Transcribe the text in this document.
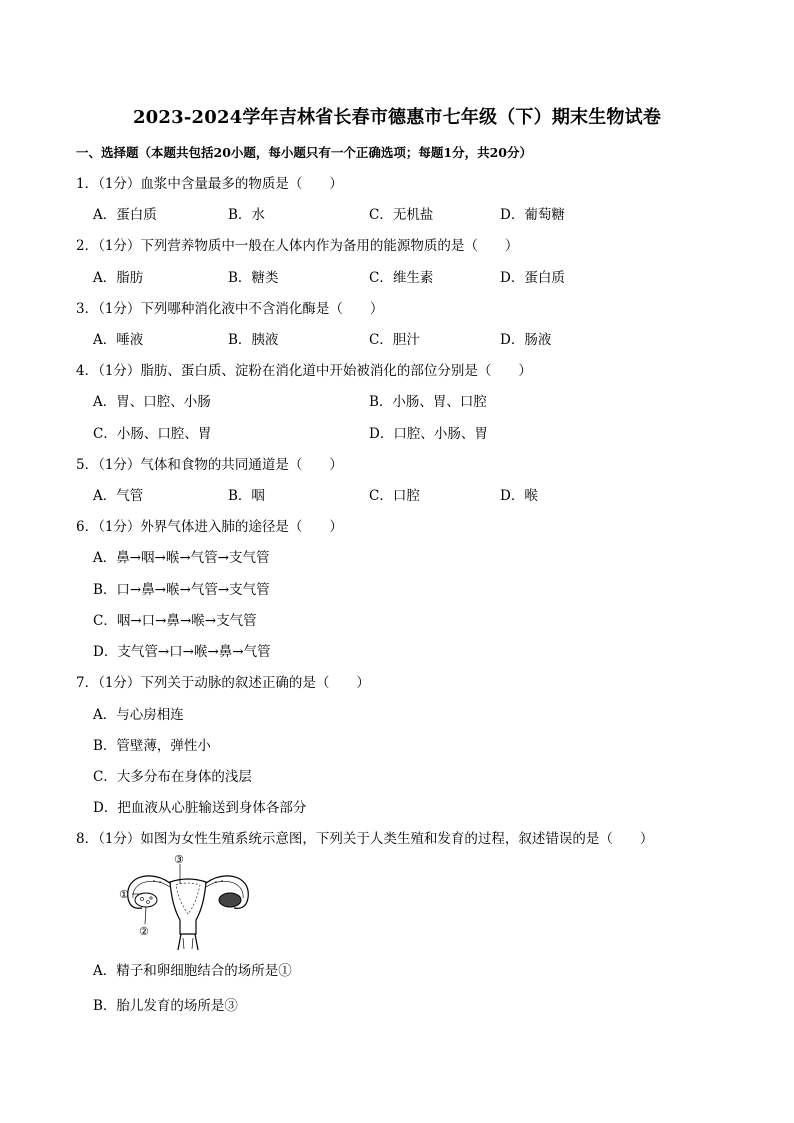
2023-2024学年吉林省长春市德惠市七年级（下）期末生物试卷
一、选择题（本题共包括20小题，每小题只有一个正确选项；每题1分，共20分）
1．（1分）血浆中含量最多的物质是（　　）
A．蛋白质	B．水	C．无机盐	D．葡萄糖
2．（1分）下列营养物质中一般在人体内作为备用的能源物质的是（　　）
A．脂肪	B．糖类	C．维生素	D．蛋白质
3．（1分）下列哪种消化液中不含消化酶是（　　）
A．唾液	B．胰液	C．胆汁	D．肠液
4．（1分）脂肪、蛋白质、淀粉在消化道中开始被消化的部位分别是（　　）
A．胃、口腔、小肠	B．小肠、胃、口腔
C．小肠、口腔、胃	D．口腔、小肠、胃
5．（1分）气体和食物的共同通道是（　　）
A．气管	B．咽	C．口腔	D．喉
6．（1分）外界气体进入肺的途径是（　　）
A．鼻→咽→喉→气管→支气管
B．口→鼻→喉→气管→支气管
C．咽→口→鼻→喉→支气管
D．支气管→口→喉→鼻→气管
7．（1分）下列关于动脉的叙述正确的是（　　）
A．与心房相连
B．管壁薄，弹性小
C．大多分布在身体的浅层
D．把血液从心脏输送到身体各部分
8．（1分）如图为女性生殖系统示意图，下列关于人类生殖和发育的过程，叙述错误的是（　　）
①
②
③
A．精子和卵细胞结合的场所是①
B．胎儿发育的场所是③
